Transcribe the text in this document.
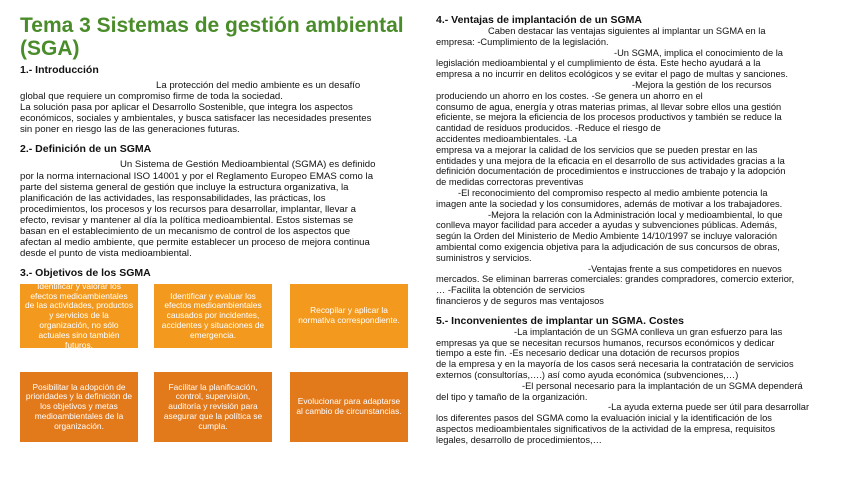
Tema 3 Sistemas de gestión ambiental (SGA)
1.- Introducción
La protección del medio ambiente es un desafío
global que requiere un compromiso firme de toda la sociedad.
La solución pasa por aplicar el Desarrollo Sostenible, que integra los aspectos
económicos, sociales y ambientales, y busca satisfacer las necesidades presentes
sin poner en riesgo las de las generaciones futuras.
2.- Definición de un SGMA
Un Sistema de Gestión Medioambiental (SGMA) es definido
por la norma internacional ISO 14001 y por el Reglamento Europeo EMAS como la
parte del sistema general de gestión que incluye la estructura organizativa, la
planificación de las actividades, las responsabilidades, las prácticas, los
procedimientos, los procesos y los recursos para desarrollar, implantar, llevar a
efecto, revisar y mantener al día la política medioambiental. Estos sistemas se
basan en el establecimiento de un mecanismo de control de los aspectos que
afectan al medio ambiente, que permite establecer un proceso de mejora continua
desde el punto de vista medioambiental.
3.- Objetivos de los SGMA
Identificar y valorar los efectos medioambientales de las actividades, productos y servicios de la organización, no sólo actuales sino también futuros.
Identificar y evaluar los efectos medioambientales causados por incidentes, accidentes y situaciones de emergencia.
Recopilar y aplicar la normativa correspondiente.
Posibilitar la adopción de prioridades y la definición de los objetivos y metas medioambientales de la organización.
Facilitar la planificación, control, supervisión, auditoría y revisión para asegurar que la política se cumpla.
Evolucionar para adaptarse al cambio de circunstancias.
4.- Ventajas de implantación de un SGMA
Caben destacar las ventajas siguientes al implantar un SGMA en la
empresa: -Cumplimiento de la legislación.
-Un SGMA, implica el conocimiento de la
legislación medioambiental y el cumplimiento de ésta. Este hecho ayudará a la
empresa a no incurrir en delitos ecológicos y se evitar el pago de multas y sanciones.
-Mejora la gestión de los recursos
produciendo un ahorro en los costes. -Se genera un ahorro en el
consumo de agua, energía y otras materias primas, al llevar sobre ellos una gestión
eficiente, se mejora la eficiencia de los procesos productivos y también se reduce la
cantidad de residuos producidos. -Reduce el riesgo de
accidentes medioambientales. -La
empresa va a mejorar la calidad de los servicios que se pueden prestar en las
entidades y una mejora de la eficacia en el desarrollo de sus actividades gracias a la
definición documentación de procedimientos e instrucciones de trabajo y la adopción
de medidas correctoras preventivas
-El reconocimiento del compromiso respecto al medio ambiente potencia la
imagen ante la sociedad y los consumidores, además de motivar a los trabajadores.
-Mejora la relación con la Administración local y medioambiental, lo que
conlleva mayor facilidad para acceder a ayudas y subvenciones públicas. Además,
según la Orden del Ministerio de Medio Ambiente 14/10/1997 se incluye valoración
ambiental como exigencia objetiva para la adjudicación de sus concursos de obras,
suministros y servicios.
-Ventajas frente a sus competidores en nuevos
mercados. Se eliminan barreras comerciales: grandes compradores, comercio exterior,
… -Facilita la obtención de servicios
financieros y de seguros mas ventajosos
5.- Inconvenientes de implantar un SGMA. Costes
-La implantación de un SGMA conlleva un gran esfuerzo para las
empresas ya que se necesitan recursos humanos, recursos económicos y dedicar
tiempo a este fin. -Es necesario dedicar una dotación de recursos propios
de la empresa y en la mayoría de los casos será necesaria la contratación de servicios
externos (consultorías,….) así como ayuda económica (subvenciones,…)
-El personal necesario para la implantación de un SGMA dependerá
del tipo y tamaño de la organización.
-La ayuda externa puede ser útil para desarrollar
los diferentes pasos del SGMA como la evaluación inicial y la identificación de los
aspectos medioambientales significativos de la actividad de la empresa, requisitos
legales, desarrollo de procedimientos,…
